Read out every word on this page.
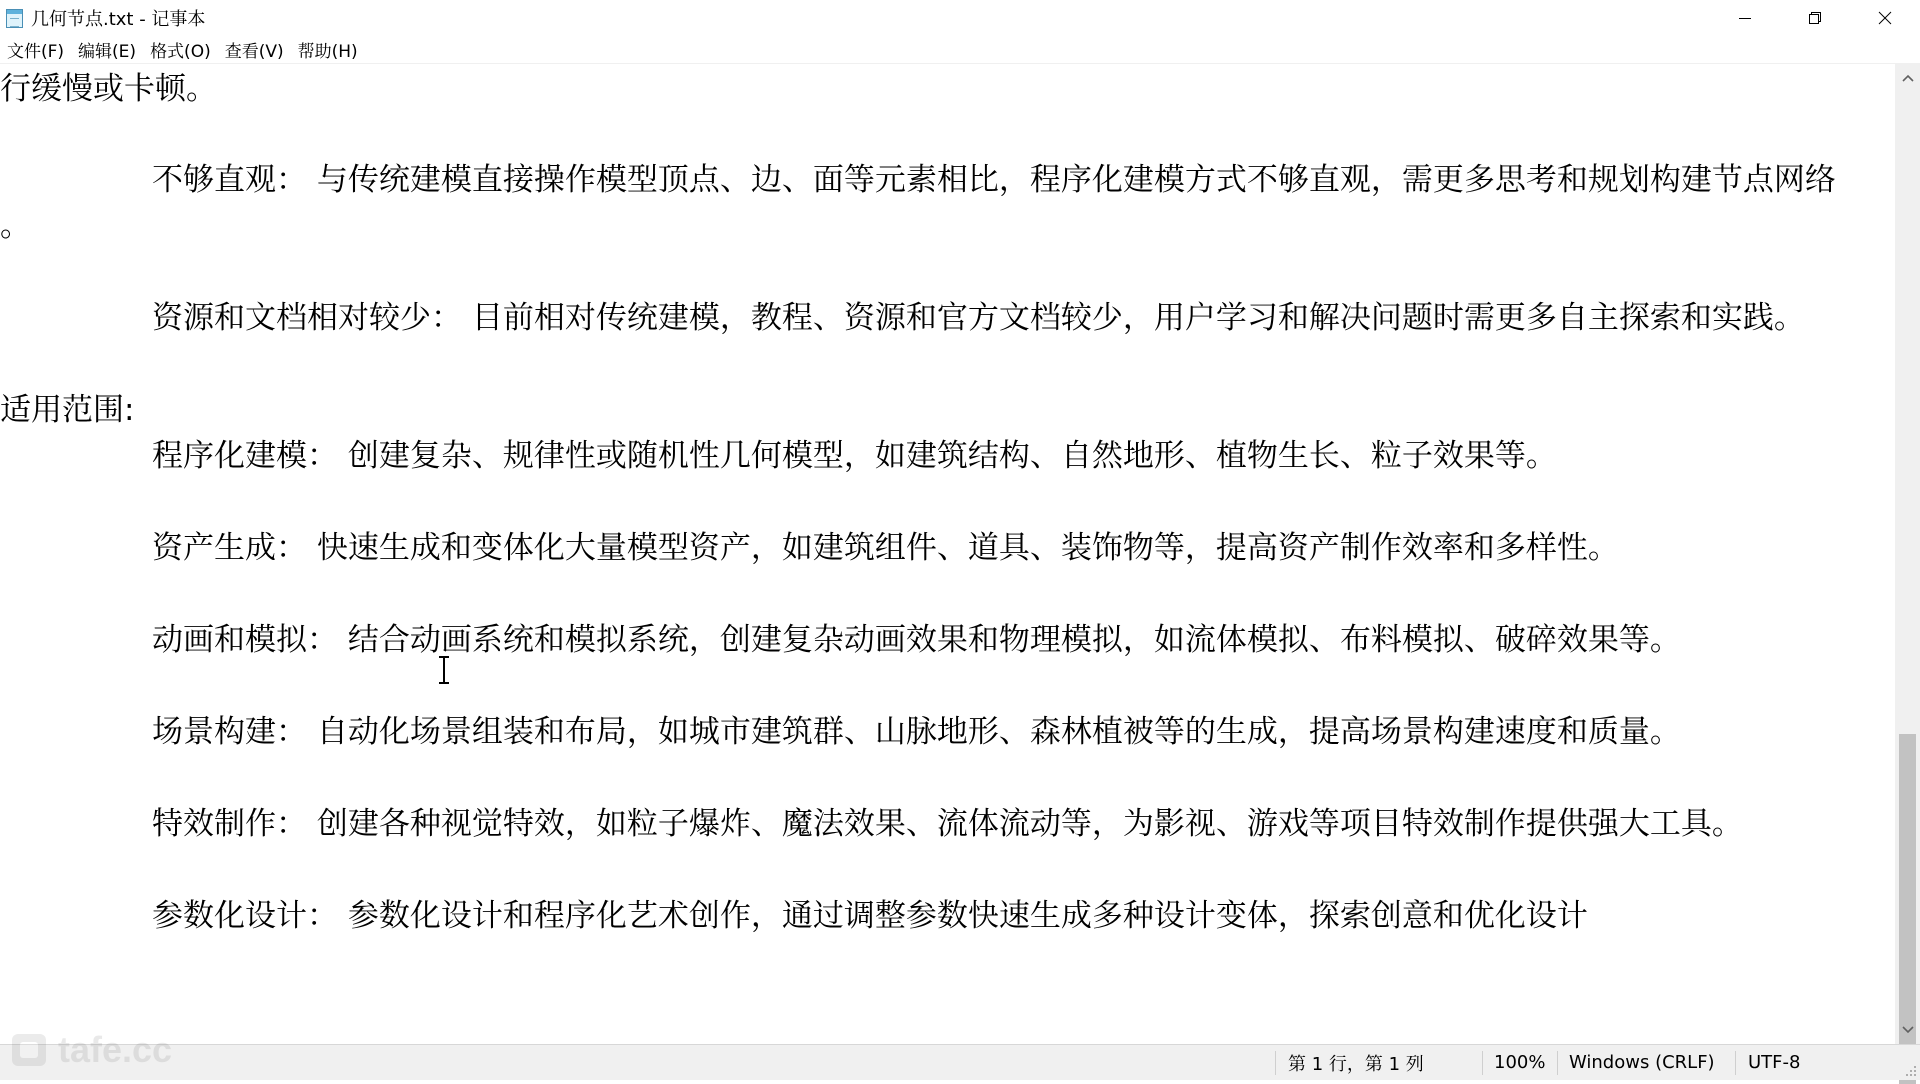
几何节点.txt - 记事本
文件(F) 编辑(E) 格式(O) 查看(V) 帮助(H)
行缓慢或卡顿。
不够直观： 与传统建模直接操作模型顶点、边、面等元素相比，程序化建模方式不够直观，需更多思考和规划构建节点网络
。
资源和文档相对较少： 目前相对传统建模，教程、资源和官方文档较少，用户学习和解决问题时需更多自主探索和实践。
适用范围:
程序化建模： 创建复杂、规律性或随机性几何模型，如建筑结构、自然地形、植物生长、粒子效果等。
资产生成： 快速生成和变体化大量模型资产，如建筑组件、道具、装饰物等，提高资产制作效率和多样性。
动画和模拟： 结合动画系统和模拟系统，创建复杂动画效果和物理模拟，如流体模拟、布料模拟、破碎效果等。
场景构建： 自动化场景组装和布局，如城市建筑群、山脉地形、森林植被等的生成，提高场景构建速度和质量。
特效制作： 创建各种视觉特效，如粒子爆炸、魔法效果、流体流动等，为影视、游戏等项目特效制作提供强大工具。
参数化设计： 参数化设计和程序化艺术创作，通过调整参数快速生成多种设计变体，探索创意和优化设计
第 1 行，第 1 列	100% Windows (CRLF) UTF-8
